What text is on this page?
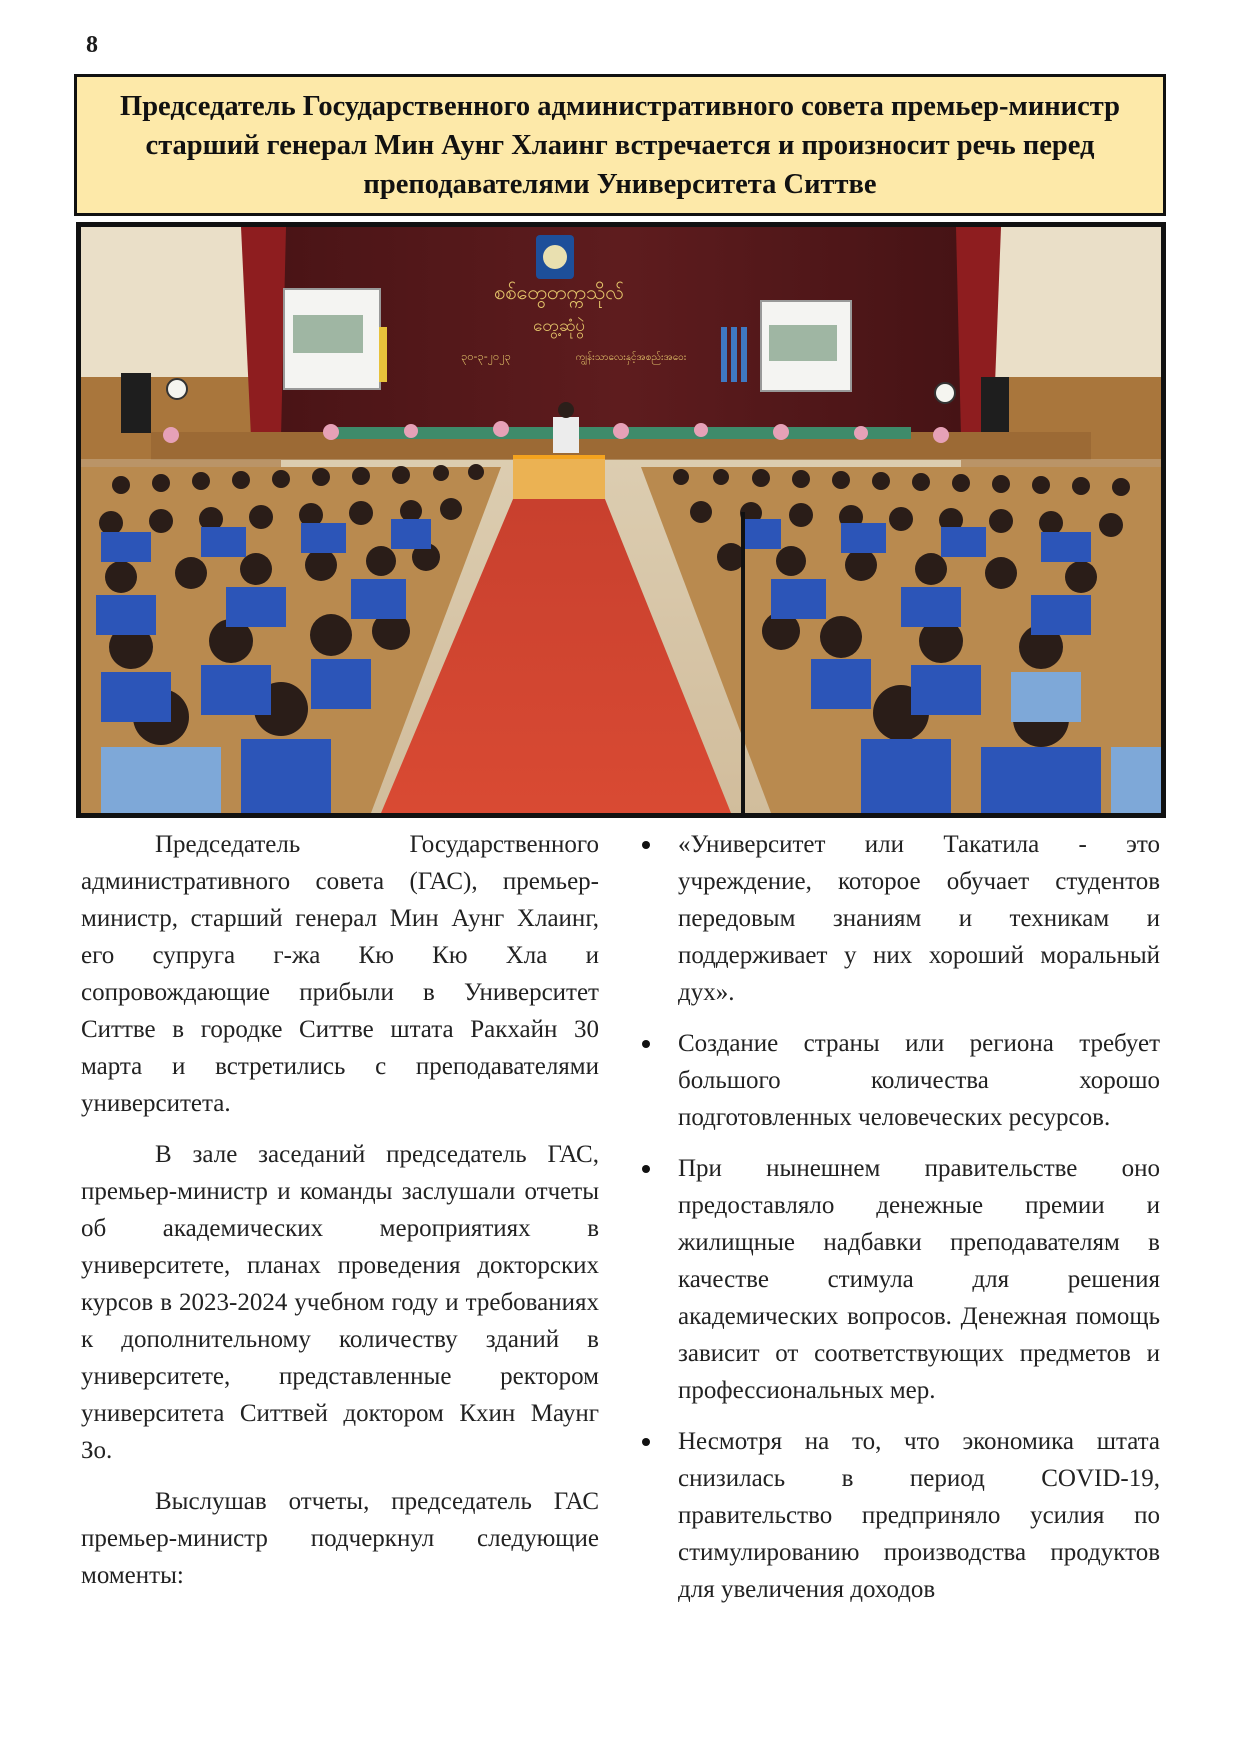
8
Председатель Государственного административного совета премьер-министр старший генерал Мин Аунг Хлаинг встречается и произносит речь перед преподавателями Университета Ситтве
စစ်တွေတက္ကသိုလ်
တွေ့ဆုံပွဲ
၃၀-၃-၂၀၂၃	ကျွန်းသာလေးနှင့်အစည်းအဝေး

Председатель Государственного административного совета (ГАС), премьер-министр, старший генерал Мин Аунг Хлаинг, его супруга г-жа Кю Кю Хла и сопровождающие прибыли в Университет Ситтве в городке Ситтве штата Ракхайн 30 марта и встретились с преподавателями университета.

В зале заседаний председатель ГАС, премьер-министр и команды заслушали отчеты об академических мероприятиях в университете, планах проведения докторских курсов в 2023-2024 учебном году и требованиях к дополнительному количеству зданий в университете, представленные ректором университета Ситтвей доктором Кхин Маунг Зо.

Выслушав отчеты, председатель ГАС премьер-министр подчеркнул следующие моменты:

«Университет или Такатила - это учреждение, которое обучает студентов передовым знаниям и техникам и поддерживает у них хороший моральный дух».
Создание страны или региона требует большого количества хорошо подготовленных человеческих ресурсов.
При нынешнем правительстве оно предоставляло денежные премии и жилищные надбавки преподавателям в качестве стимула для решения академических вопросов. Денежная помощь зависит от соответствующих предметов и профессиональных мер.
Несмотря на то, что экономика штата снизилась в период COVID-19, правительство предприняло усилия по стимулированию производства продуктов для увеличения доходов
